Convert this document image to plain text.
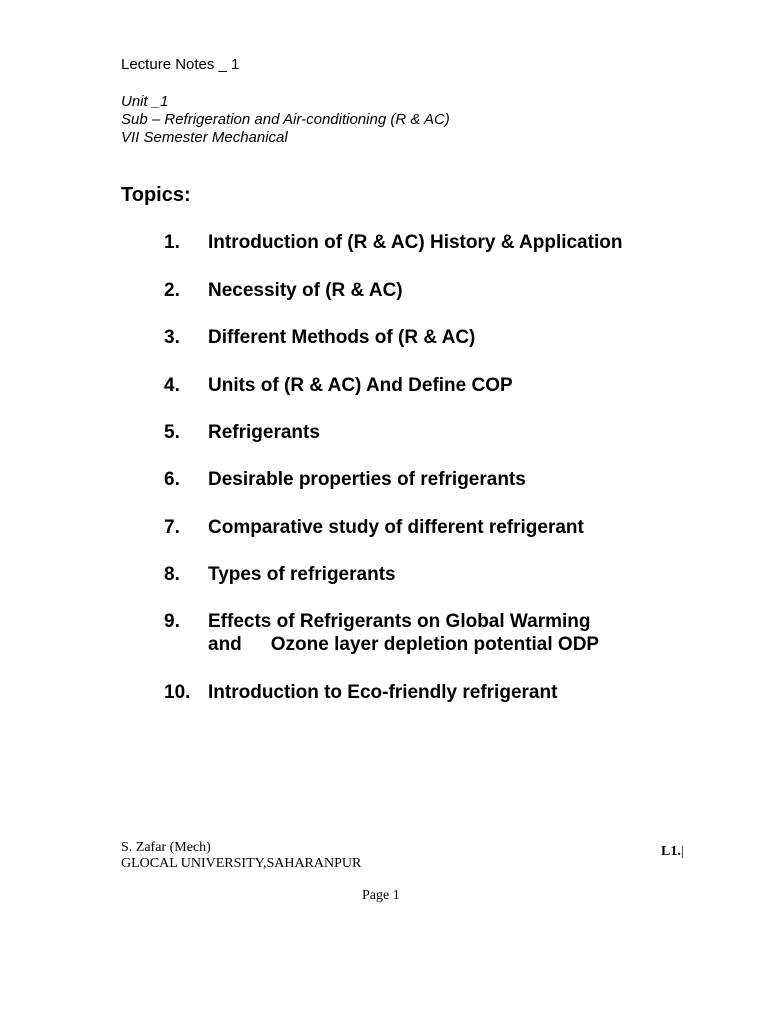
Lecture Notes _ 1
Unit _1
Sub – Refrigeration and Air-conditioning (R & AC)
VII Semester Mechanical
Topics:
1. Introduction of (R & AC) History & Application
2. Necessity of (R & AC)
3. Different Methods of (R & AC)
4. Units of (R & AC) And Define COP
5. Refrigerants
6. Desirable properties of refrigerants
7. Comparative study of different refrigerant
8. Types of refrigerants
9. Effects of Refrigerants on Global Warming
and Ozone layer depletion potential ODP
10. Introduction to Eco-friendly refrigerant
S. Zafar (Mech)
GLOCAL UNIVERSITY,SAHARANPUR
L1.|
Page 1
